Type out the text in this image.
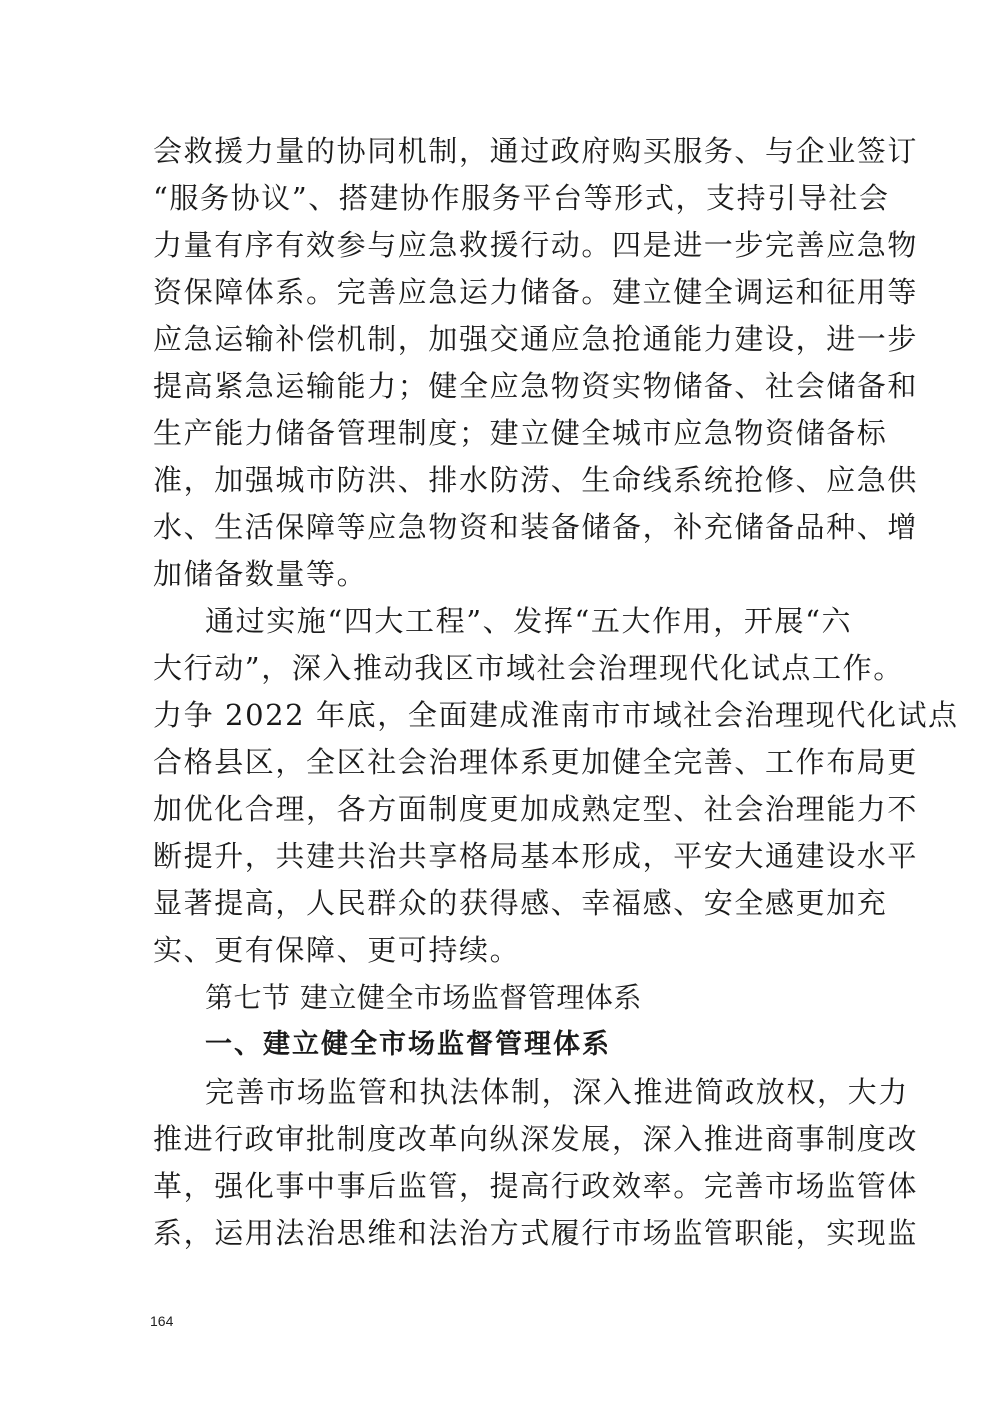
会救援力量的协同机制，通过政府购买服务、与企业签订
“服务协议”、搭建协作服务平台等形式，支持引导社会
力量有序有效参与应急救援行动。四是进一步完善应急物
资保障体系。完善应急运力储备。建立健全调运和征用等
应急运输补偿机制，加强交通应急抢通能力建设，进一步
提高紧急运输能力；健全应急物资实物储备、社会储备和
生产能力储备管理制度；建立健全城市应急物资储备标
准，加强城市防洪、排水防涝、生命线系统抢修、应急供
水、生活保障等应急物资和装备储备，补充储备品种、增
加储备数量等。
通过实施“四大工程”、发挥“五大作用，开展“六
大行动”，深入推动我区市域社会治理现代化试点工作。
力争 2022 年底，全面建成淮南市市域社会治理现代化试点
合格县区，全区社会治理体系更加健全完善、工作布局更
加优化合理，各方面制度更加成熟定型、社会治理能力不
断提升，共建共治共享格局基本形成，平安大通建设水平
显著提高，人民群众的获得感、幸福感、安全感更加充
实、更有保障、更可持续。
第七节 建立健全市场监督管理体系
一、建立健全市场监督管理体系
完善市场监管和执法体制，深入推进简政放权，大力
推进行政审批制度改革向纵深发展，深入推进商事制度改
革，强化事中事后监管，提高行政效率。完善市场监管体
系，运用法治思维和法治方式履行市场监管职能，实现监
164
